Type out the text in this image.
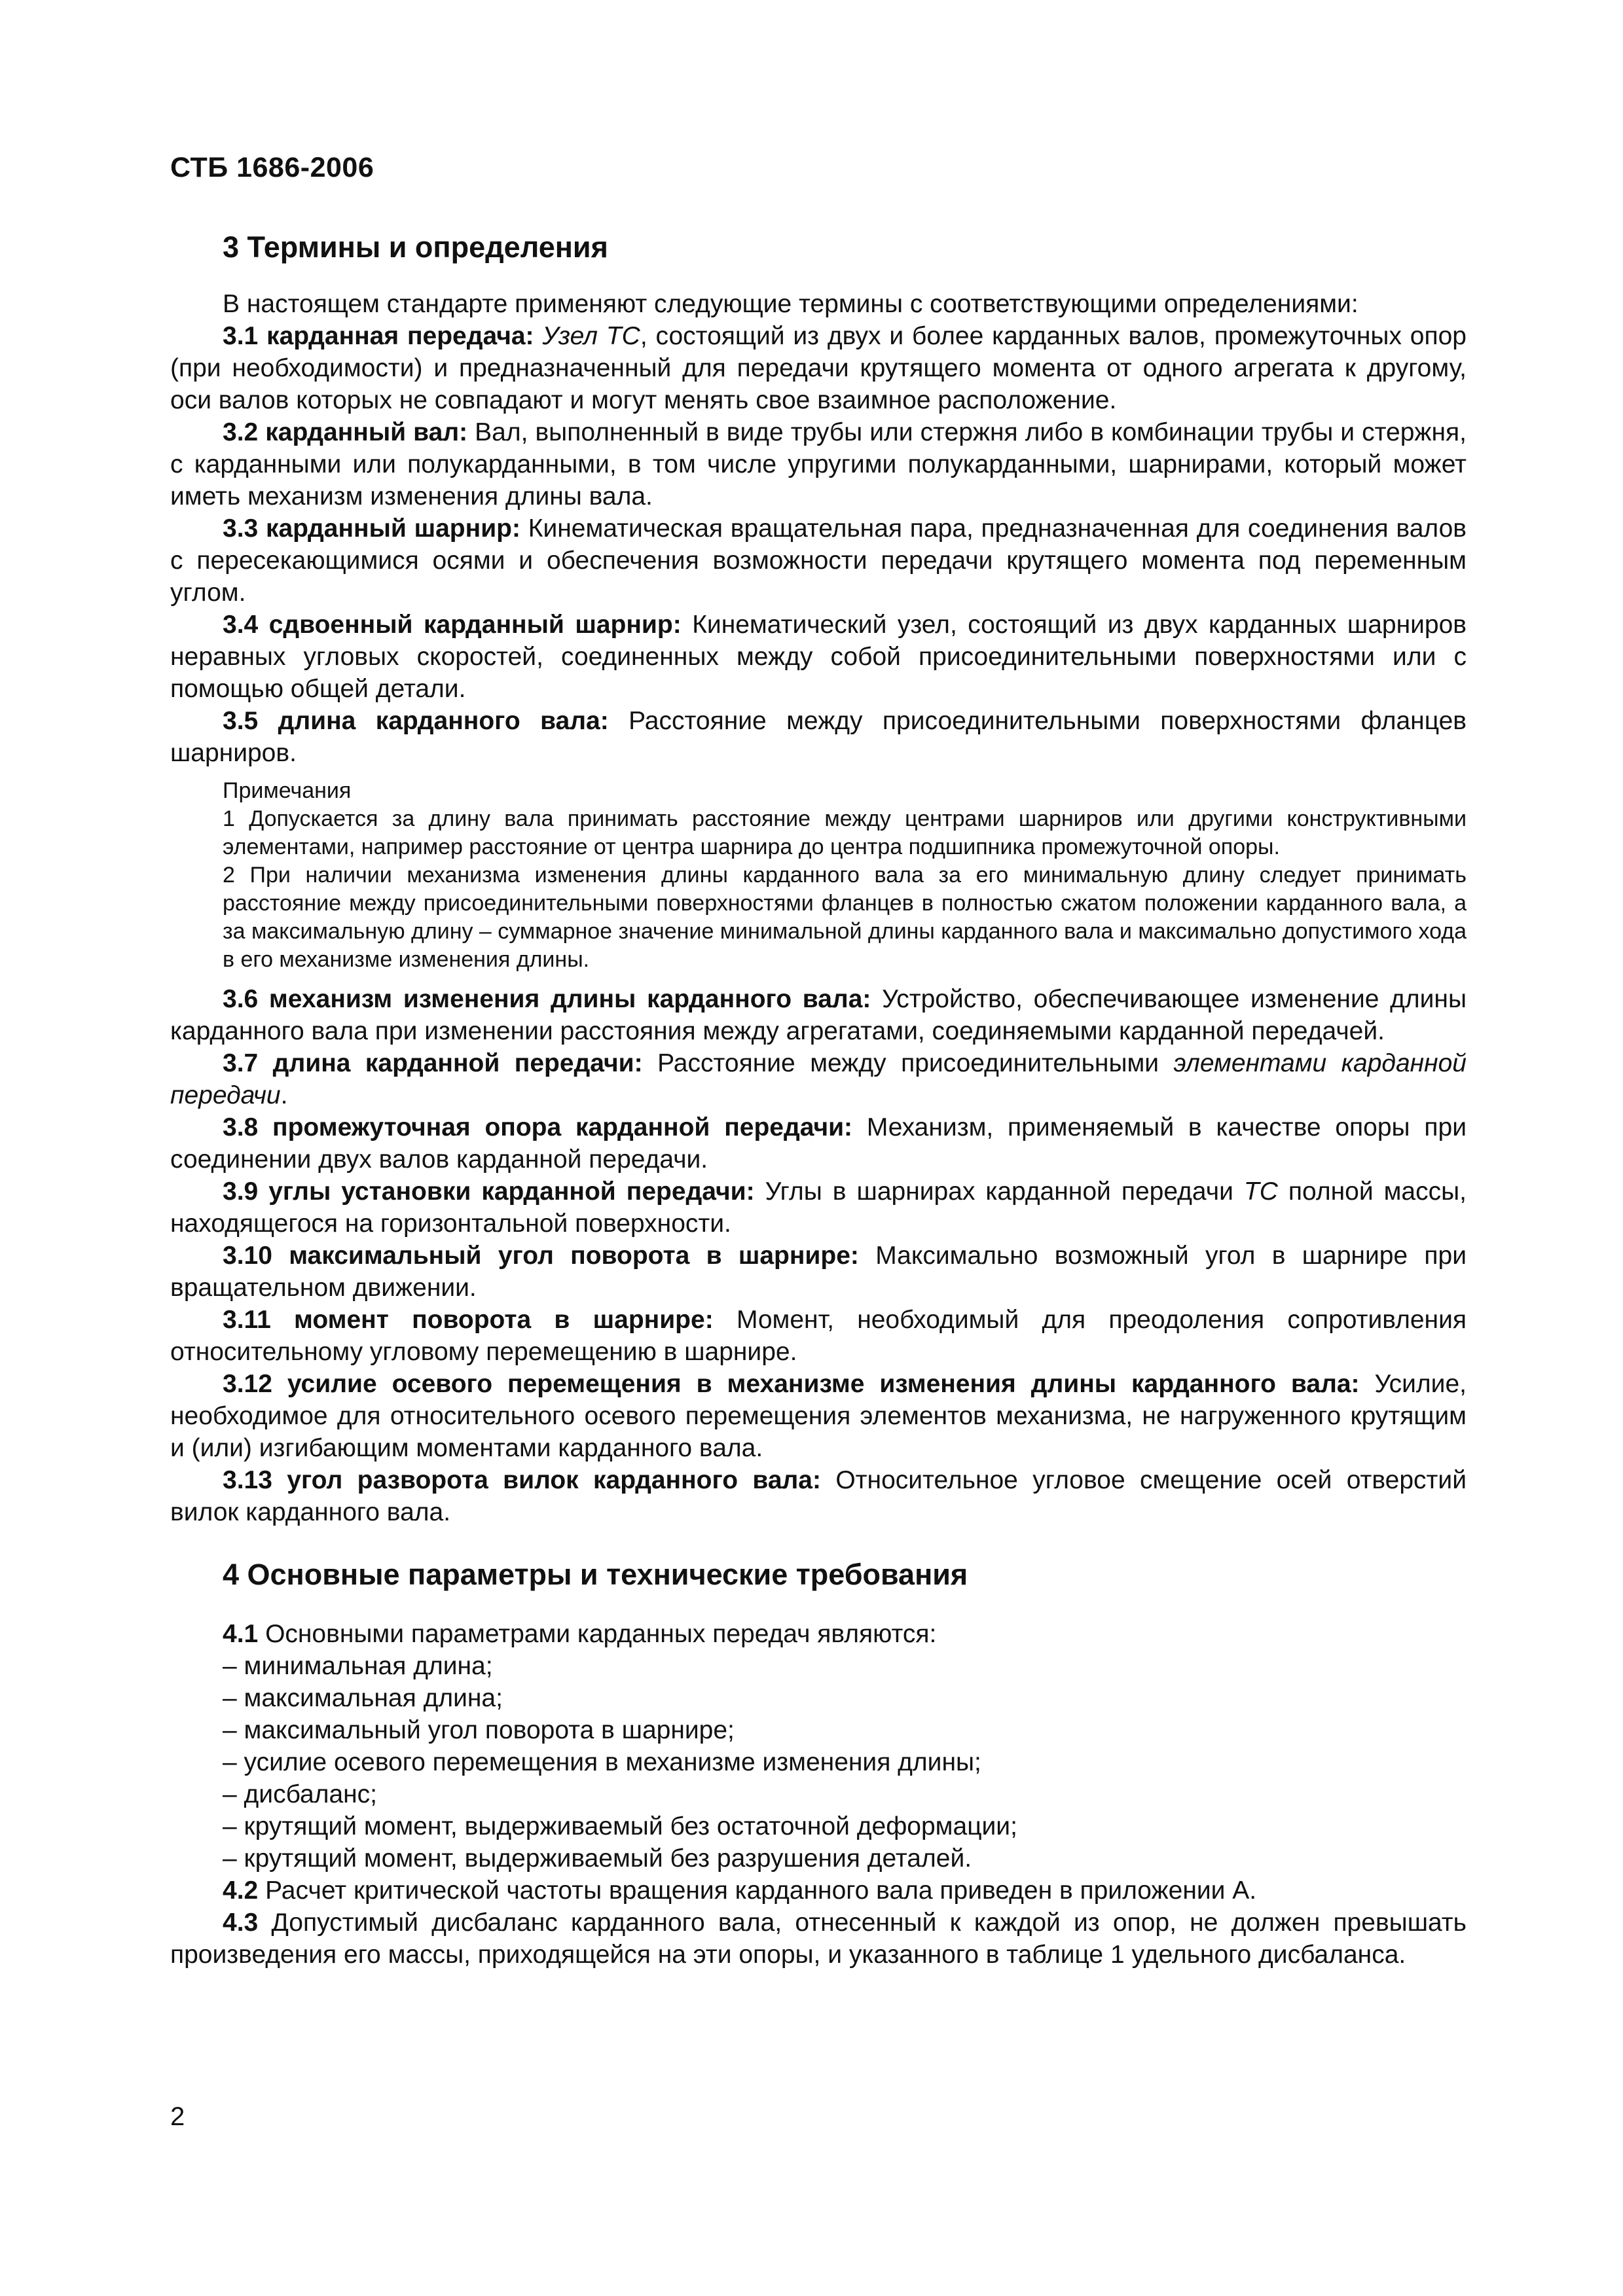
СТБ 1686-2006
3 Термины и определения

В настоящем стандарте применяют следующие термины с соответствующими определениями:

3.1 карданная передача: Узел ТС, состоящий из двух и более карданных валов, промежуточных опор (при необходимости) и предназначенный для передачи крутящего момента от одного агрегата к другому, оси валов которых не совпадают и могут менять свое взаимное расположение.

3.2 карданный вал: Вал, выполненный в виде трубы или стержня либо в комбинации трубы и стержня, с карданными или полукарданными, в том числе упругими полукарданными, шарнирами, который может иметь механизм изменения длины вала.

3.3 карданный шарнир: Кинематическая вращательная пара, предназначенная для соединения валов с пересекающимися осями и обеспечения возможности передачи крутящего момента под переменным углом.

3.4 сдвоенный карданный шарнир: Кинематический узел, состоящий из двух карданных шарниров неравных угловых скоростей, соединенных между собой присоединительными поверхностями или с помощью общей детали.

3.5 длина карданного вала: Расстояние между присоединительными поверхностями фланцев шарниров.

Примечания
1 Допускается за длину вала принимать расстояние между центрами шарниров или другими конструктивными элементами, например расстояние от центра шарнира до центра подшипника промежуточной опоры.
2 При наличии механизма изменения длины карданного вала за его минимальную длину следует принимать расстояние между присоединительными поверхностями фланцев в полностью сжатом положении карданного вала, а за максимальную длину – суммарное значение минимальной длины карданного вала и максимально допустимого хода в его механизме изменения длины.

3.6 механизм изменения длины карданного вала: Устройство, обеспечивающее изменение длины карданного вала при изменении расстояния между агрегатами, соединяемыми карданной передачей.

3.7 длина карданной передачи: Расстояние между присоединительными элементами карданной передачи.

3.8 промежуточная опора карданной передачи: Механизм, применяемый в качестве опоры при соединении двух валов карданной передачи.

3.9 углы установки карданной передачи: Углы в шарнирах карданной передачи ТС полной массы, находящегося на горизонтальной поверхности.

3.10 максимальный угол поворота в шарнире: Максимально возможный угол в шарнире при вращательном движении.

3.11 момент поворота в шарнире: Момент, необходимый для преодоления сопротивления относительному угловому перемещению в шарнире.

3.12 усилие осевого перемещения в механизме изменения длины карданного вала: Усилие, необходимое для относительного осевого перемещения элементов механизма, не нагруженного крутящим и (или) изгибающим моментами карданного вала.

3.13 угол разворота вилок карданного вала: Относительное угловое смещение осей отверстий вилок карданного вала.

4 Основные параметры и технические требования

4.1 Основными параметрами карданных передач являются:

– минимальная длина;

– максимальная длина;

– максимальный угол поворота в шарнире;

– усилие осевого перемещения в механизме изменения длины;

– дисбаланс;

– крутящий момент, выдерживаемый без остаточной деформации;

– крутящий момент, выдерживаемый без разрушения деталей.

4.2 Расчет критической частоты вращения карданного вала приведен в приложении А.

4.3 Допустимый дисбаланс карданного вала, отнесенный к каждой из опор, не должен превышать произведения его массы, приходящейся на эти опоры, и указанного в таблице 1 удельного дисбаланса.

2
